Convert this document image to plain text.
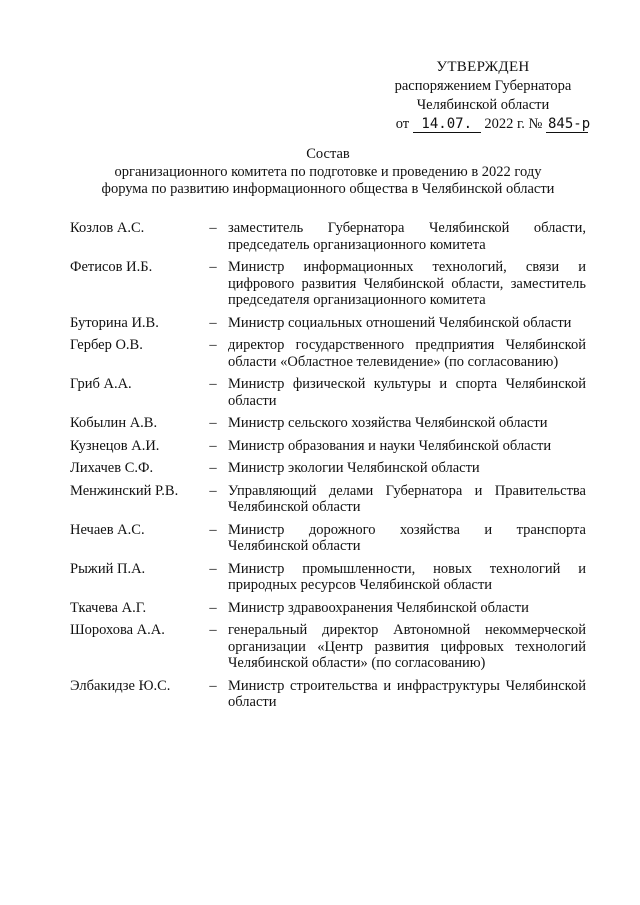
УТВЕРЖДЕН
распоряжением Губернатора
Челябинской области
от 14.07. 2022 г. № 845-р
Состав
организационного комитета по подготовке и проведению в 2022 году
форума по развитию информационного общества в Челябинской области
Козлов А.С.	– заместитель Губернатора Челябинской области, председатель организационного комитета
Фетисов И.Б.	– Министр информационных технологий, связи и цифрового развития Челябинской области, заместитель председателя организационного комитета
Буторина И.В.	– Министр социальных отношений Челябинской области
Гербер О.В.	– директор государственного предприятия Челябинской области «Областное телевидение» (по согласованию)
Гриб А.А.	– Министр физической культуры и спорта Челябинской области
Кобылин А.В.	– Министр сельского хозяйства Челябинской области
Кузнецов А.И.	– Министр образования и науки Челябинской области
Лихачев С.Ф.	– Министр экологии Челябинской области
Менжинский Р.В.	– Управляющий делами Губернатора и Правительства Челябинской области
Нечаев А.С.	– Министр дорожного хозяйства и транспорта Челябинской области
Рыжий П.А.	– Министр промышленности, новых технологий и природных ресурсов Челябинской области
Ткачева А.Г.	– Министр здравоохранения Челябинской области
Шорохова А.А.	– генеральный директор Автономной некоммерческой организации «Центр развития цифровых технологий Челябинской области» (по согласованию)
Элбакидзе Ю.С.	– Министр строительства и инфраструктуры Челябинской области
